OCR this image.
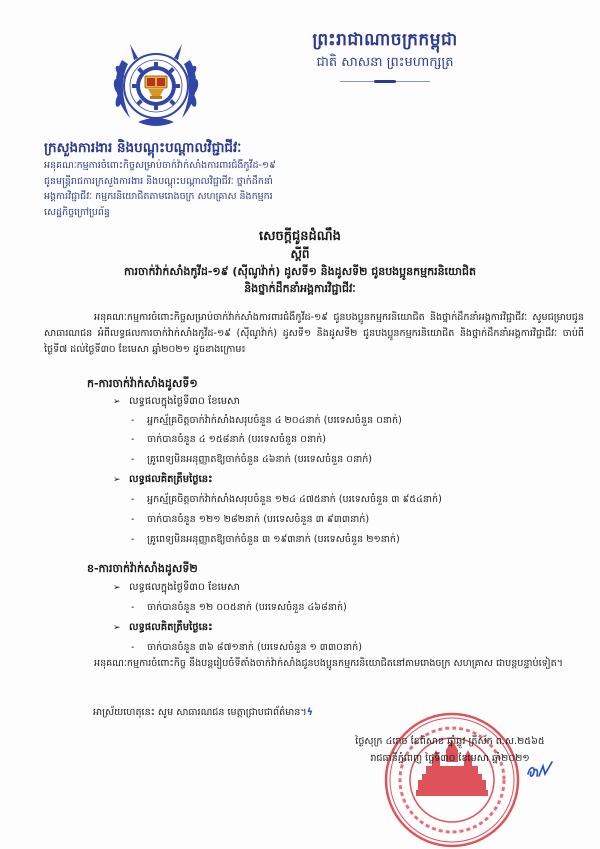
ព្រះរាជាណាចក្រកម្ពុជា
ជាតិ សាសនា ព្រះមហាក្សត្រ
ក្រសួងការងារ និងបណ្តុះបណ្តាលវិជ្ជាជីវៈ
អនុគណៈកម្មការចំពោះកិច្ចសម្រាប់ចាក់វ៉ាក់សាំងការពារជំងឺកូវីដ-១៩
ជូនមន្ត្រីរាជការក្រសួងការងារ និងបណ្តុះបណ្តាលវិជ្ជាជីវៈ ថ្នាក់ដឹកនាំ
អង្គការវិជ្ជាជីវៈ កម្មករនិយោជិតតាមរោងចក្រ សហគ្រាស និងកម្មករ
សេដ្ឋកិច្ចក្រៅប្រព័ន្ធ
សេចក្តីជូនដំណឹង
ស្តីពី
ការចាក់វ៉ាក់សាំងកូវីដ-១៩ (ស៊ីណូវ៉ាក់) ដូសទី១ និងដូសទី២ ជូនបងប្អូនកម្មករនិយោជិត
និងថ្នាក់ដឹកនាំអង្គការវិជ្ជាជីវៈ
អនុគណៈកម្មការចំពោះកិច្ចសម្រាប់ចាក់វ៉ាក់សាំងការពារជំងឺកូវីដ-១៩ ជូនបងប្អូនកម្មករនិយោជិត និងថ្នាក់ដឹកនាំអង្គការវិជ្ជាជីវៈ សូមជម្រាបជូន សាធារណជន អំពីលទ្ធផលការចាក់វ៉ាក់សាំងកូវីដ-១៩ (ស៊ីណូវ៉ាក់) ដូសទី១ និងដូសទី២ ជូនបងប្អូនកម្មករនិយោជិត និងថ្នាក់ដឹកនាំអង្គការវិជ្ជាជីវៈ ចាប់ពីថ្ងៃទី៧ ដល់ថ្ងៃទី៣០ ខែមេសា ឆ្នាំ២០២១ ដូចខាងក្រោម៖
ក-ការចាក់វ៉ាក់សាំងដូសទី១
➢ លទ្ធផលក្នុងថ្ងៃទី៣០ ខែមេសា
-	អ្នកស្ម័គ្រចិត្តចាក់វ៉ាក់សាំងសរុបចំនួន ៤ ២០៤នាក់ (បរទេសចំនួន ០នាក់)
-	ចាក់បានចំនួន ៤ ១៥៨នាក់ (បរទេសចំនួន ០នាក់)
-	គ្រូពេទ្យមិនអនុញ្ញាតឱ្យចាក់ចំនួន ៤៦នាក់ (បរទេសចំនួន ០នាក់)
➢ លទ្ធផលគិតត្រឹមថ្ងៃនេះ
-	អ្នកស្ម័គ្រចិត្តចាក់វ៉ាក់សាំងសរុបចំនួន ១២៤ ៤៧៥នាក់ (បរទេសចំនួន ៣ ៩៥៤នាក់)
-	ចាក់បានចំនួន ១២១ ២៨២នាក់ (បរទេសចំនួន ៣ ៩៣៣នាក់)
-	គ្រូពេទ្យមិនអនុញ្ញាតឱ្យចាក់ចំនួន ៣ ១៩៣នាក់ (បរទេសចំនួន ២១នាក់)
ខ-ការចាក់វ៉ាក់សាំងដូសទី២
➢ លទ្ធផលក្នុងថ្ងៃទី៣០ ខែមេសា
-	ចាក់បានចំនួន ១២ ០០៥នាក់ (បរទេសចំនួន ៤៦៨នាក់)
➢ លទ្ធផលគិតត្រឹមថ្ងៃនេះ
-	ចាក់បានចំនួន ៣៦ ៨៧១នាក់ (បរទេសចំនួន ១ ៣៣០នាក់)
អនុគណៈកម្មការចំពោះកិច្ច នឹងបន្តរៀបចំទីតាំងចាក់វ៉ាក់សាំងជូនបងប្អូនកម្មករនិយោជិតនៅតាមរោងចក្រ សហគ្រាស ជាបន្តបន្ទាប់ទៀត។
អាស្រ័យហេតុនេះ សូម សាធារណជន មេត្តាជ្រាបជាព័ត៌មាន។ϟ
ថ្ងៃសុក្រ ៤រោច ខែពិសាខ ឆ្នាំឆ្លូវ ត្រីស័ក ព.ស.២៥៦៥
រាជធានីភ្នំពេញ ថ្ងៃទី៣០ ខែមេសា ឆ្នាំ២០២១
